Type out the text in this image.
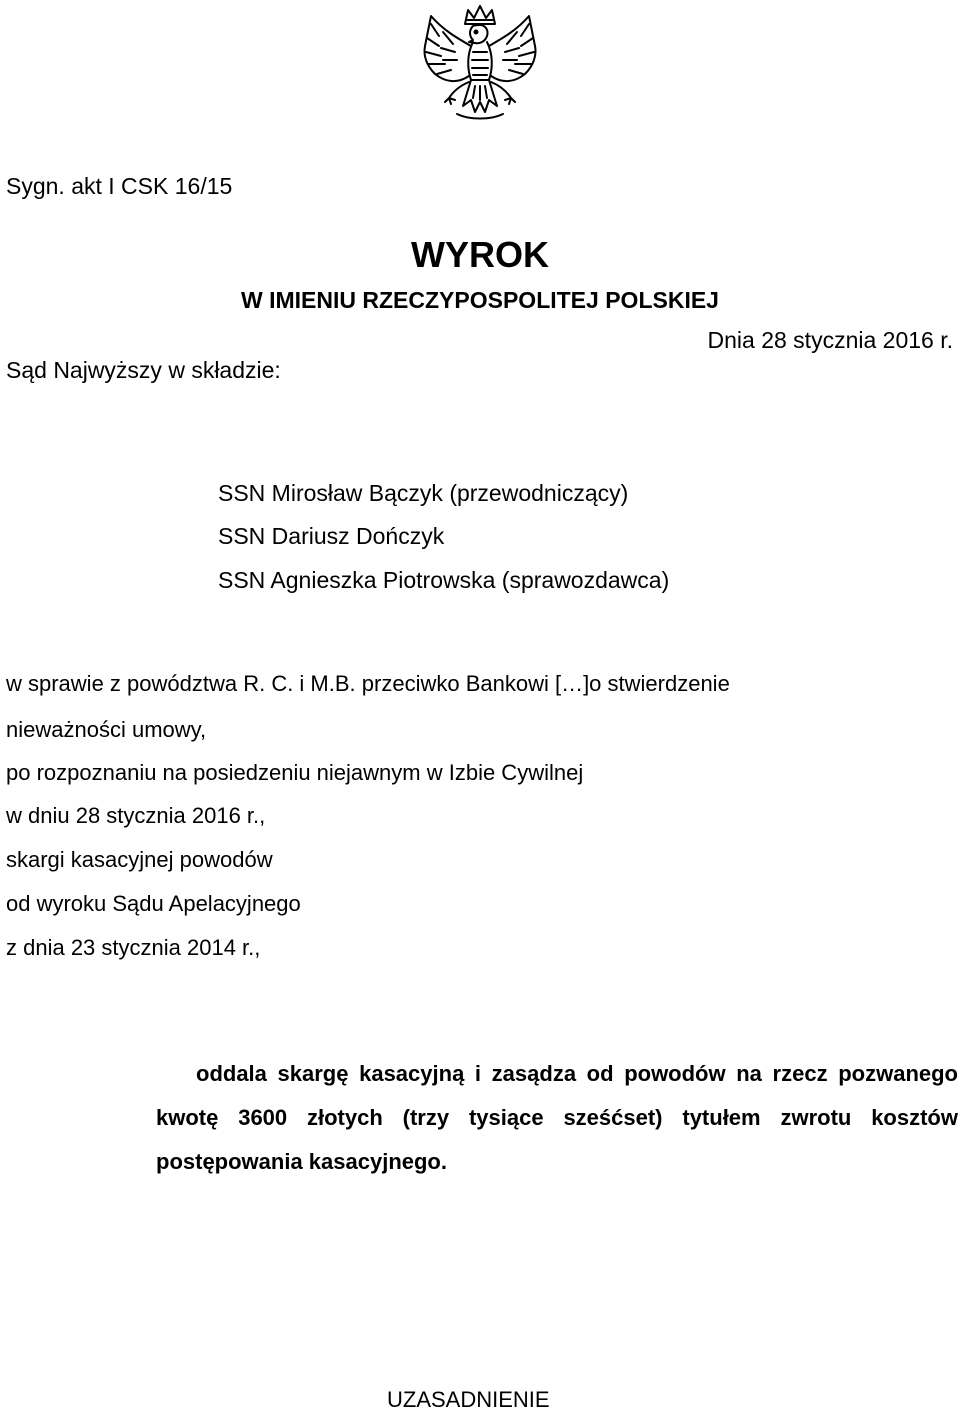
Sygn. akt I CSK 16/15
WYROK
W IMIENIU RZECZYPOSPOLITEJ POLSKIEJ
Dnia 28 stycznia 2016 r.
Sąd Najwyższy w składzie:
SSN Mirosław Bączyk (przewodniczący)
SSN Dariusz Dończyk
SSN Agnieszka Piotrowska (sprawozdawca)
w sprawie z powództwa R. C. i M.B. przeciwko Bankowi […]o stwierdzenie
nieważności umowy,
po rozpoznaniu na posiedzeniu niejawnym w Izbie Cywilnej
w dniu 28 stycznia 2016 r.,
skargi kasacyjnej powodów
od wyroku Sądu Apelacyjnego
z dnia 23 stycznia 2014 r.,
oddala skargę kasacyjną i zasądza od powodów na rzecz pozwanego kwotę 3600 złotych (trzy tysiące sześćset) tytułem zwrotu kosztów postępowania kasacyjnego.
UZASADNIENIE
